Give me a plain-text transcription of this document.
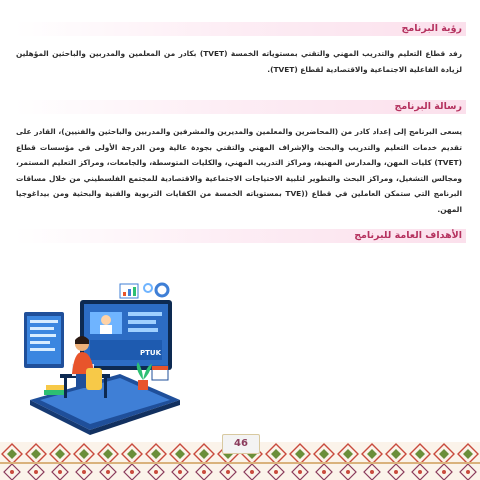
رؤية البرنامج
رفد قطاع التعليم والتدريب المهني والتقني بمستوياته الخمسة (TVET) بكادر من المعلمين والمدربين والباحثين المؤهلين لزيادة الفاعلية الاجتماعية والاقتصادية لقطاع (TVET).
رسالة البرنامج
يسعى البرنامج إلى إعداد كادر من (المحاضرين والمعلمين والمديرين والمشرفين والمدربين والباحثين والفنيين)، القادر على تقديم خدمات التعليم والتدريب والبحث والإشراف المهني والتقني بجودة عالية ومن الدرجة الأولى في مؤسسات قطاع (TVET) كليات المهن، والمدارس المهنية، ومراكز التدريب المهني، والكليات المتوسطة، والجامعات، ومراكز التعليم المستمر، ومجالس التشغيل، ومراكز البحث والتطوير لتلبية الاحتياجات الاجتماعية والاقتصادية للمجتمع الفلسطيني من خلال مساقات البرنامج التي ستمكن العاملين في قطاع ((TVE بمستوياته الخمسة من الكفايات التربوية والفنية والبحثية ومن بيداغوجيا المهن.
الأهداف العامة للبرنامج
PTUK
46
